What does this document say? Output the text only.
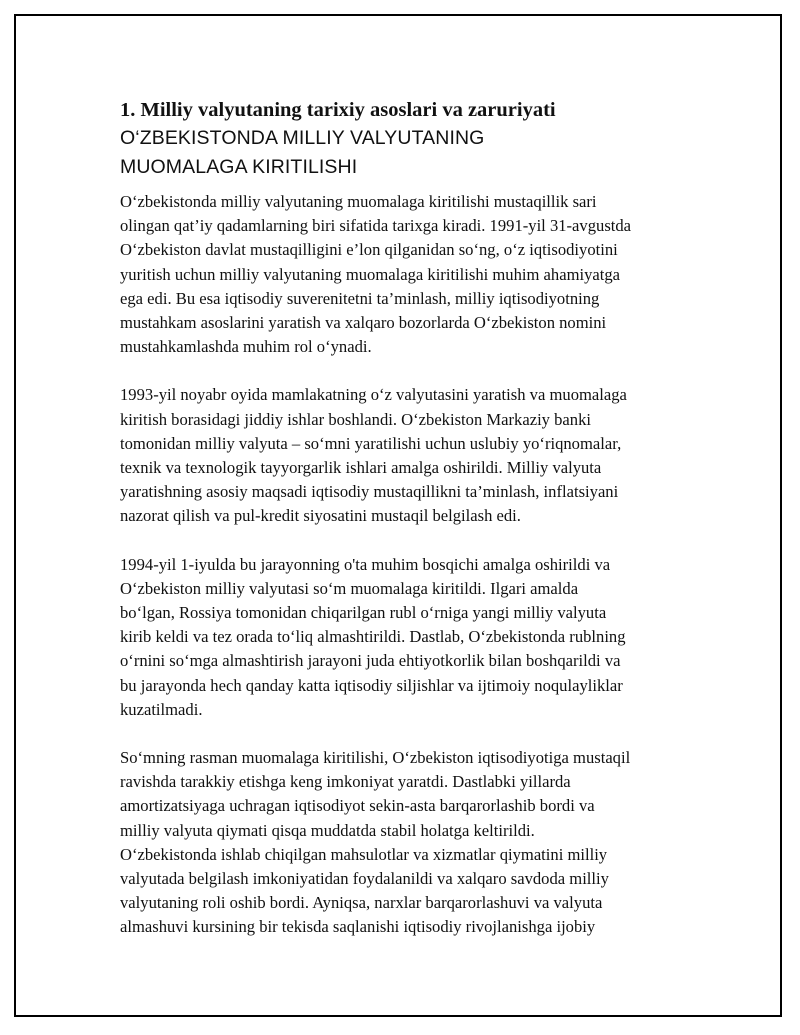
1. Milliy valyutaning tarixiy asoslari va zaruriyati

O‘ZBEKISTONDA MILLIY VALYUTANING
MUOMALAGA KIRITILISHI

O‘zbekistonda milliy valyutaning muomalaga kiritilishi mustaqillik sari
olingan qat’iy qadamlarning biri sifatida tarixga kiradi. 1991-yil 31-avgustda
O‘zbekiston davlat mustaqilligini e’lon qilganidan so‘ng, o‘z iqtisodiyotini
yuritish uchun milliy valyutaning muomalaga kiritilishi muhim ahamiyatga
ega edi. Bu esa iqtisodiy suverenitetni ta’minlash, milliy iqtisodiyotning
mustahkam asoslarini yaratish va xalqaro bozorlarda O‘zbekiston nomini
mustahkamlashda muhim rol o‘ynadi.

1993-yil noyabr oyida mamlakatning o‘z valyutasini yaratish va muomalaga
kiritish borasidagi jiddiy ishlar boshlandi. O‘zbekiston Markaziy banki
tomonidan milliy valyuta – so‘mni yaratilishi uchun uslubiy yo‘riqnomalar,
texnik va texnologik tayyorgarlik ishlari amalga oshirildi. Milliy valyuta
yaratishning asosiy maqsadi iqtisodiy mustaqillikni ta’minlash, inflatsiyani
nazorat qilish va pul-kredit siyosatini mustaqil belgilash edi.

1994-yil 1-iyulda bu jarayonning o'ta muhim bosqichi amalga oshirildi va
O‘zbekiston milliy valyutasi so‘m muomalaga kiritildi. Ilgari amalda
bo‘lgan, Rossiya tomonidan chiqarilgan rubl o‘rniga yangi milliy valyuta
kirib keldi va tez orada to‘liq almashtirildi. Dastlab, O‘zbekistonda rublning
o‘rnini so‘mga almashtirish jarayoni juda ehtiyotkorlik bilan boshqarildi va
bu jarayonda hech qanday katta iqtisodiy siljishlar va ijtimoiy noqulayliklar
kuzatilmadi.

So‘mning rasman muomalaga kiritilishi, O‘zbekiston iqtisodiyotiga mustaqil
ravishda tarakkiy etishga keng imkoniyat yaratdi. Dastlabki yillarda
amortizatsiyaga uchragan iqtisodiyot sekin-asta barqarorlashib bordi va
milliy valyuta qiymati qisqa muddatda stabil holatga keltirildi.
O‘zbekistonda ishlab chiqilgan mahsulotlar va xizmatlar qiymatini milliy
valyutada belgilash imkoniyatidan foydalanildi va xalqaro savdoda milliy
valyutaning roli oshib bordi. Ayniqsa, narxlar barqarorlashuvi va valyuta
almashuvi kursining bir tekisda saqlanishi iqtisodiy rivojlanishga ijobiy
